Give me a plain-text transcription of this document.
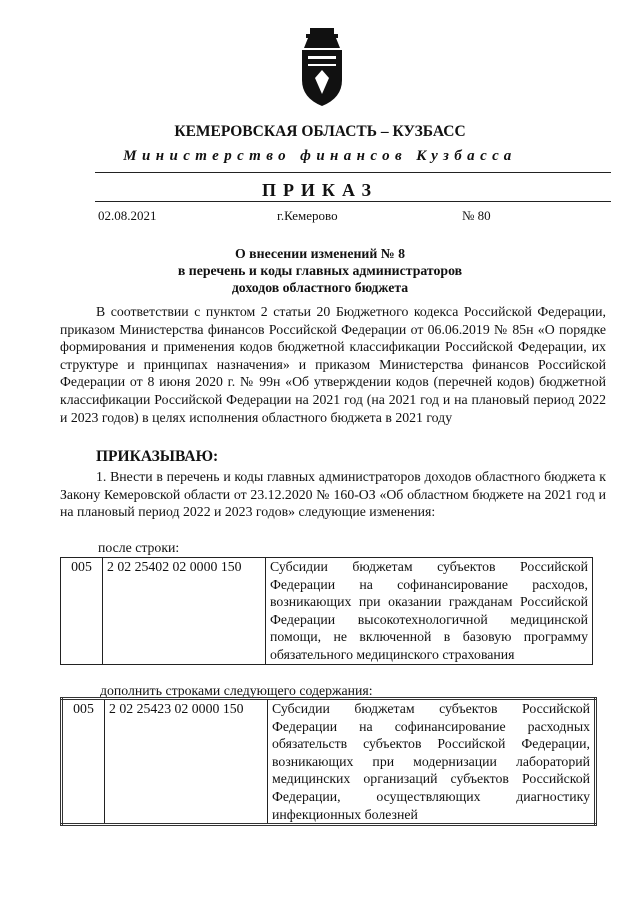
КЕМЕРОВСКАЯ ОБЛАСТЬ – КУЗБАСС
Министерство финансов Кузбасса
ПРИКАЗ
02.08.2021	г.Кемерово	№ 80
О внесении изменений № 8
в перечень и коды главных администраторов
доходов областного бюджета

В соответствии с пунктом 2 статьи 20 Бюджетного кодекса Российской Федерации, приказом Министерства финансов Российской Федерации от 06.06.2019 № 85н «О порядке формирования и применения кодов бюджетной классификации Российской Федерации, их структуре и принципах назначения» и приказом Министерства финансов Российской Федерации от 8 июня 2020 г. № 99н «Об утверждении кодов (перечней кодов) бюджетной классификации Российской Федерации на 2021 год (на 2021 год и на плановый период 2022 и 2023 годов) в целях исполнения областного бюджета в 2021 году

ПРИКАЗЫВАЮ:

1. Внести в перечень и коды главных администраторов доходов областного бюджета к Закону Кемеровской области от 23.12.2020 № 160-ОЗ «Об областном бюджете на 2021 год и на плановый период 2022 и 2023 годов» следующие изменения:

после строки:
005	2 02 25402 02 0000 150	Субсидии бюджетам субъектов Российской Федерации на софинансирование расходов, возникающих при оказании гражданам Российской Федерации высокотехнологичной медицинской помощи, не включенной в базовую программу обязательного медицинского страхования
дополнить строками следующего содержания:
005	2 02 25423 02 0000 150	Субсидии бюджетам субъектов Российской Федерации на софинансирование расходных обязательств субъектов Российской Федерации, возникающих при модернизации лабораторий медицинских организаций субъектов Российской Федерации, осуществляющих диагностику инфекционных болезней
